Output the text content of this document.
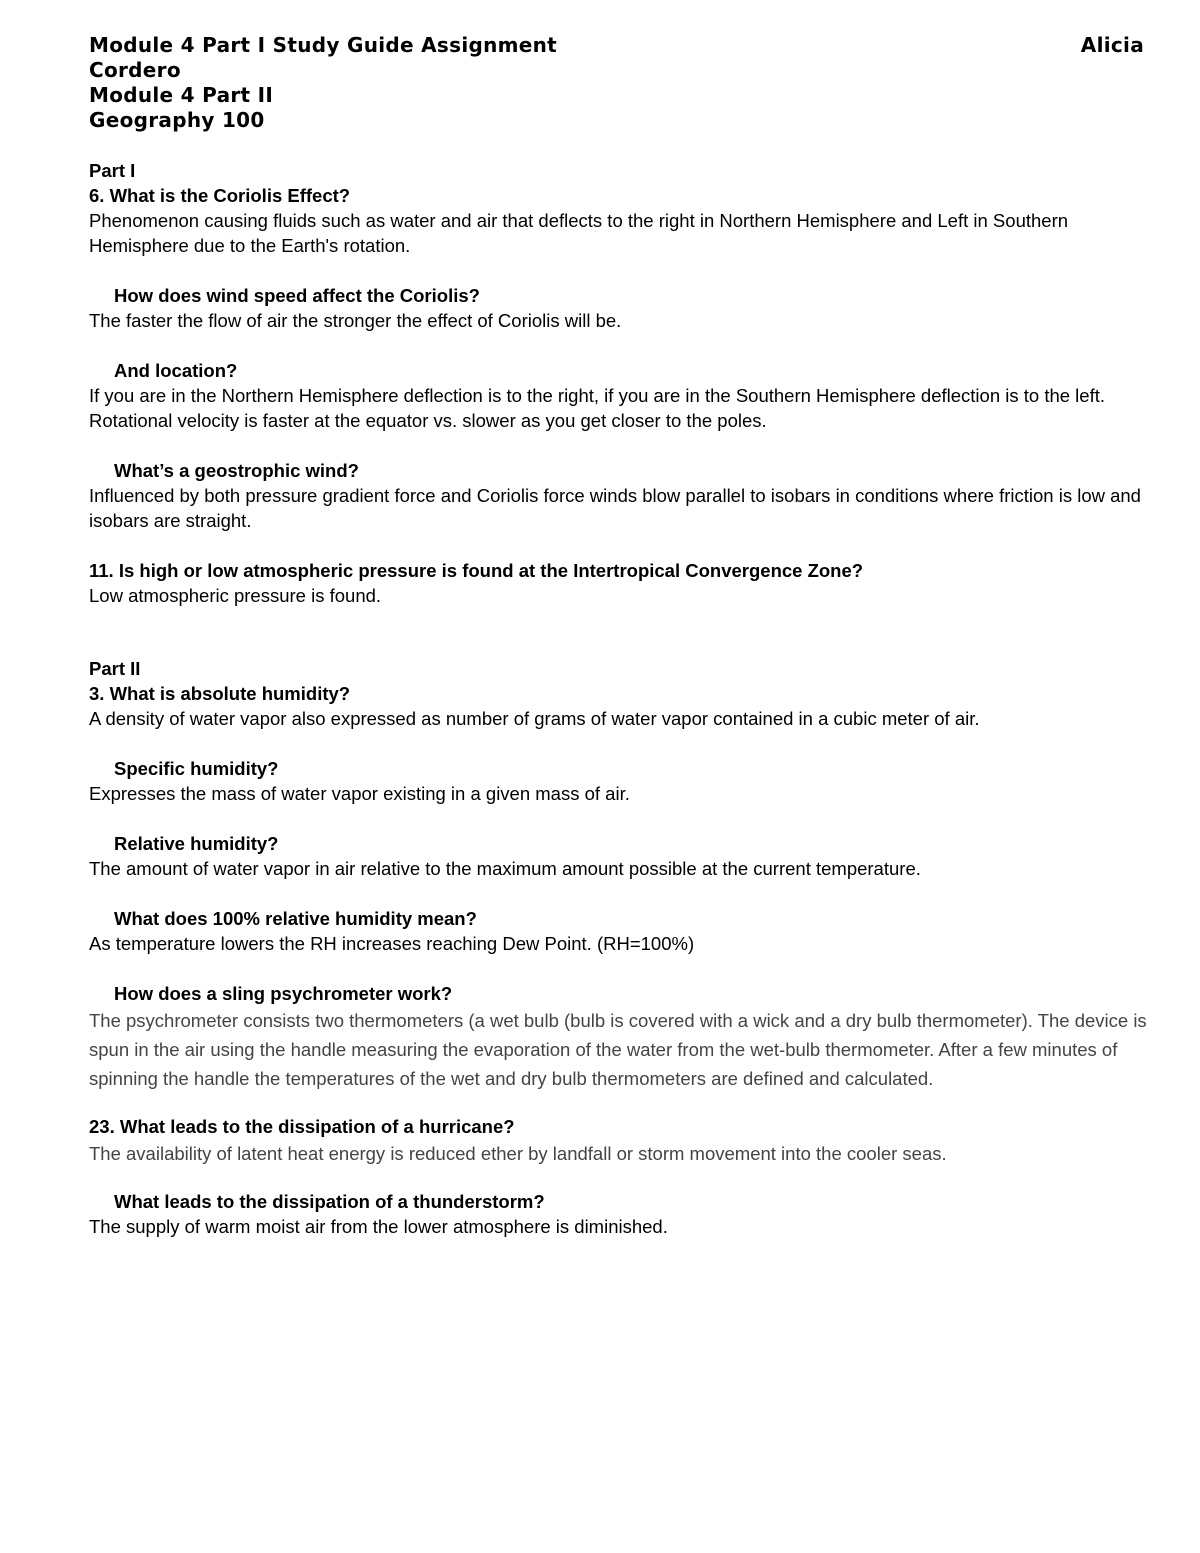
Module 4 Part I Study Guide Assignment	Alicia
Cordero
Module 4 Part II
Geography 100
Part I
6. What is the Coriolis Effect?
Phenomenon causing fluids such as water and air that deflects to the right in Northern Hemisphere and Left in Southern Hemisphere due to the Earth's rotation.
How does wind speed affect the Coriolis?
The faster the flow of air the stronger the effect of Coriolis will be.
And location?
If you are in the Northern Hemisphere deflection is to the right, if you are in the Southern Hemisphere deflection is to the left. Rotational velocity is faster at the equator vs. slower as you get closer to the poles.
What’s a geostrophic wind?
Influenced by both pressure gradient force and Coriolis force winds blow parallel to isobars in conditions where friction is low and isobars are straight.
11. Is high or low atmospheric pressure is found at the Intertropical Convergence Zone?
Low atmospheric pressure is found.
Part II
3. What is absolute humidity?
A density of water vapor also expressed as number of grams of water vapor contained in a cubic meter of air.
Specific humidity?
Expresses the mass of water vapor existing in a given mass of air.
Relative humidity?
The amount of water vapor in air relative to the maximum amount possible at the current temperature.
What does 100% relative humidity mean?
As temperature lowers the RH increases reaching Dew Point. (RH=100%)
How does a sling psychrometer work?
The psychrometer consists two thermometers (a wet bulb (bulb is covered with a wick and a dry bulb thermometer). The device is spun in the air using the handle measuring the evaporation of the water from the wet-bulb thermometer. After a few minutes of spinning the handle the temperatures of the wet and dry bulb thermometers are defined and calculated.
23. What leads to the dissipation of a hurricane?
The availability of latent heat energy is reduced ether by landfall or storm movement into the cooler seas.
What leads to the dissipation of a thunderstorm?
The supply of warm moist air from the lower atmosphere is diminished.
